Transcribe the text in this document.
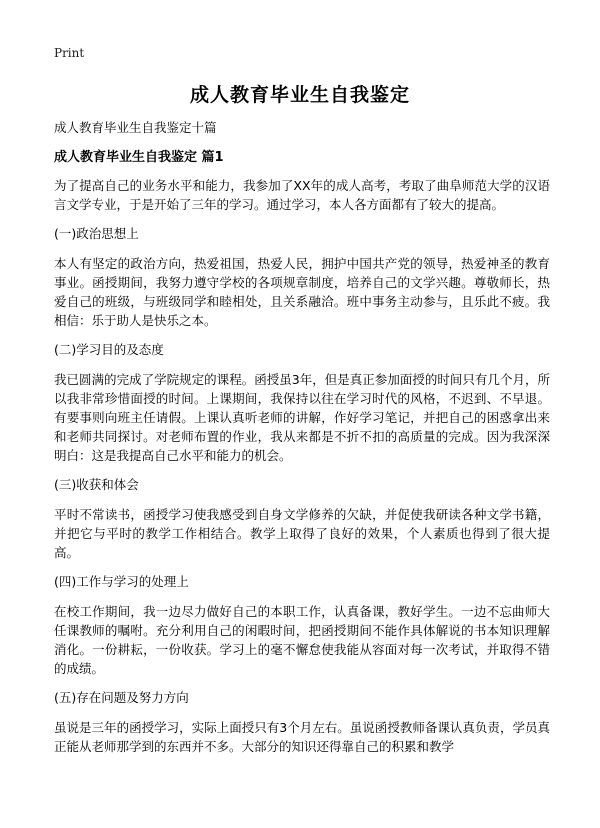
Print
成人教育毕业生自我鉴定

成人教育毕业生自我鉴定十篇

成人教育毕业生自我鉴定 篇1

为了提高自己的业务水平和能力，我参加了XX年的成人高考，考取了曲阜师范大学的汉语言文学专业，于是开始了三年的学习。通过学习，本人各方面都有了较大的提高。

(一)政治思想上

本人有坚定的政治方向，热爱祖国，热爱人民，拥护中国共产党的领导，热爱神圣的教育事业。函授期间，我努力遵守学校的各项规章制度，培养自己的文学兴趣。尊敬师长，热爱自己的班级，与班级同学和睦相处，且关系融洽。班中事务主动参与，且乐此不疲。我相信：乐于助人是快乐之本。

(二)学习目的及态度

我已圆满的完成了学院规定的课程。函授虽3年，但是真正参加面授的时间只有几个月，所以我非常珍惜面授的时间。上课期间，我保持以往在学习时代的风格，不迟到、不早退。有要事则向班主任请假。上课认真听老师的讲解，作好学习笔记，并把自己的困惑拿出来和老师共同探讨。对老师布置的作业，我从来都是不折不扣的高质量的完成。因为我深深明白：这是我提高自己水平和能力的机会。

(三)收获和体会

平时不常读书，函授学习使我感受到自身文学修养的欠缺，并促使我研读各种文学书籍，并把它与平时的教学工作相结合。教学上取得了良好的效果，个人素质也得到了很大提高。

(四)工作与学习的处理上

在校工作期间，我一边尽力做好自己的本职工作，认真备课，教好学生。一边不忘曲师大任课教师的嘱咐。充分利用自己的闲暇时间，把函授期间不能作具体解说的书本知识理解消化。一份耕耘，一份收获。学习上的毫不懈怠使我能从容面对每一次考试，并取得不错的成绩。

(五)存在问题及努力方向

虽说是三年的函授学习，实际上面授只有3个月左右。虽说函授教师备课认真负责，学员真正能从老师那学到的东西并不多。大部分的知识还得靠自己的积累和教学
